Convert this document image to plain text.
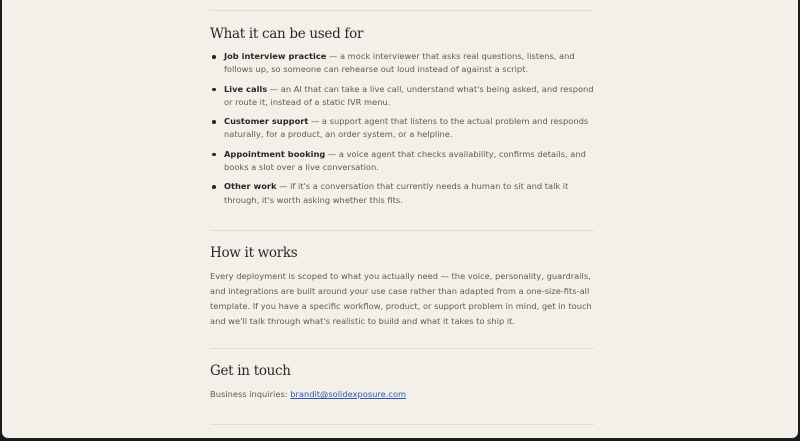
What it can be used for
Job interview practice — a mock interviewer that asks real questions, listens, and follows up, so someone can rehearse out loud instead of against a script.
Live calls — an AI that can take a live call, understand what's being asked, and respond or route it, instead of a static IVR menu.
Customer support — a support agent that listens to the actual problem and responds naturally, for a product, an order system, or a helpline.
Appointment booking — a voice agent that checks availability, confirms details, and books a slot over a live conversation.
Other work — if it's a conversation that currently needs a human to sit and talk it through, it's worth asking whether this fits.
How it works

Every deployment is scoped to what you actually need — the voice, personality, guardrails, and integrations are built around your use case rather than adapted from a one-size-fits-all template. If you have a specific workflow, product, or support problem in mind, get in touch and we'll talk through what's realistic to build and what it takes to ship it.

Get in touch

Business inquiries: brandit@solidexposure.com
